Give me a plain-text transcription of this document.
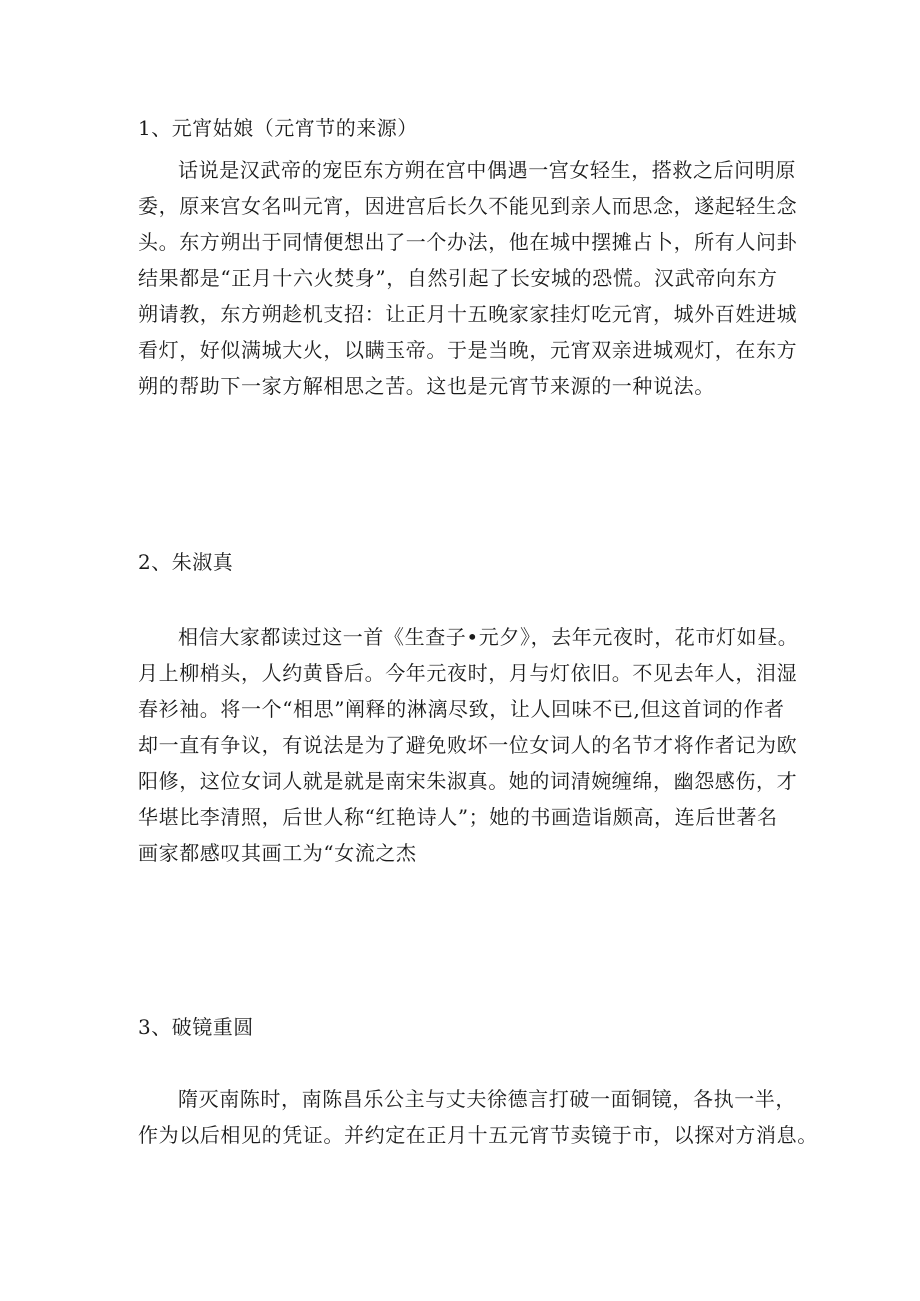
1、元宵姑娘（元宵节的来源）
话说是汉武帝的宠臣东方朔在宫中偶遇一宫女轻生，搭救之后问明原
委，原来宫女名叫元宵，因进宫后长久不能见到亲人而思念，遂起轻生念
头。东方朔出于同情便想出了一个办法，他在城中摆摊占卜，所有人问卦
结果都是“正月十六火焚身”，自然引起了长安城的恐慌。汉武帝向东方
朔请教，东方朔趁机支招：让正月十五晚家家挂灯吃元宵，城外百姓进城
看灯，好似满城大火，以瞒玉帝。于是当晚，元宵双亲进城观灯，在东方
朔的帮助下一家方解相思之苦。这也是元宵节来源的一种说法。
2、朱淑真
相信大家都读过这一首《生查子•元夕》，去年元夜时，花市灯如昼。
月上柳梢头，人约黄昏后。今年元夜时，月与灯依旧。不见去年人，泪湿
春衫袖。将一个“相思”阐释的淋漓尽致，让人回味不已,但这首词的作者
却一直有争议，有说法是为了避免败坏一位女词人的名节才将作者记为欧
阳修，这位女词人就是就是南宋朱淑真。她的词清婉缠绵，幽怨感伤，才
华堪比李清照，后世人称“红艳诗人”；她的书画造诣颇高，连后世著名
画家都感叹其画工为“女流之杰
3、破镜重圆
隋灭南陈时，南陈昌乐公主与丈夫徐德言打破一面铜镜，各执一半，
作为以后相见的凭证。并约定在正月十五元宵节卖镜于市，以探对方消息。
